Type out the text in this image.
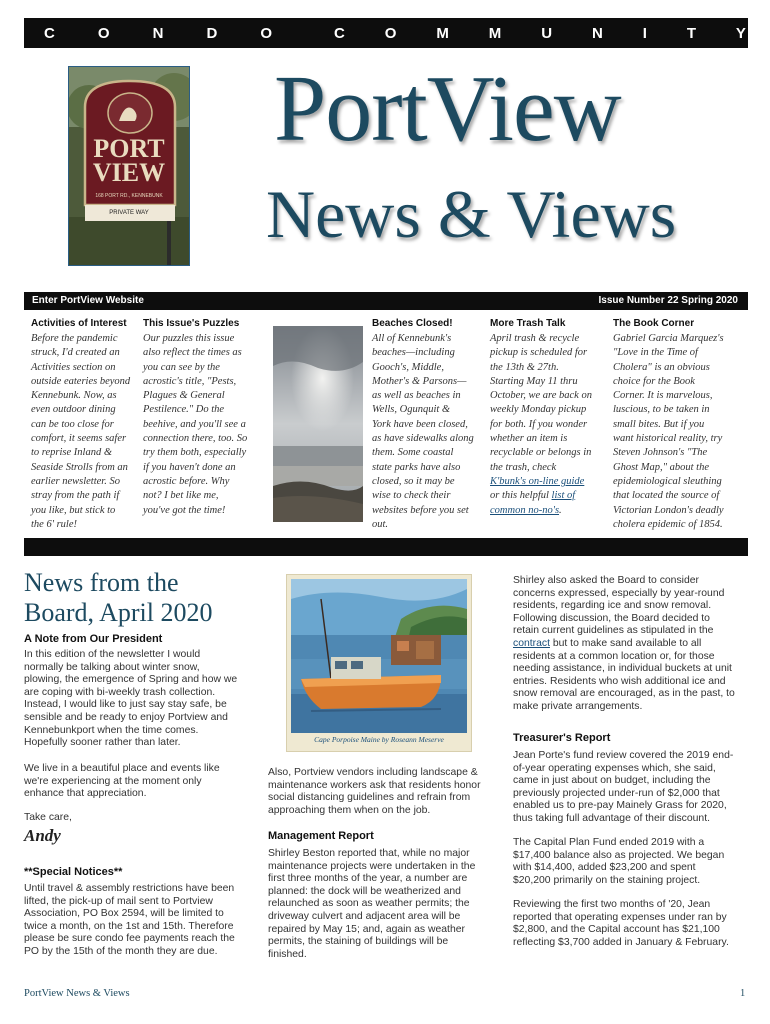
C	O	N	D	O	C	O	M	M	U	N	I	T	Y
PORT
VIEW
168 PORT RD., KENNEBUNK
PRIVATE WAY
PortView
News & Views
Enter PortView Website	Issue Number 22 Spring 2020
Activities of Interest
Before the pandemic
struck, I'd created an
Activities section on
outside eateries beyond
Kennebunk. Now, as
even outdoor dining
can be too close for
comfort, it seems safer
to reprise Inland &
Seaside Strolls from an
earlier newsletter. So
stray from the path if
you like, but stick to
the 6' rule!
This Issue's Puzzles
Our puzzles this issue
also reflect the times as
you can see by the
acrostic's title, "Pests,
Plagues & General
Pestilence." Do the
beehive, and you'll see a
connection there, too. So
try them both, especially
if you haven't done an
acrostic before. Why
not? I bet like me,
you've got the time!
Beaches Closed!
All of Kennebunk's
beaches—including
Gooch's, Middle,
Mother's & Parsons—
as well as beaches in
Wells, Ogunquit &
York have been closed,
as have sidewalks along
them. Some coastal
state parks have also
closed, so it may be
wise to check their
websites before you set
out.
More Trash Talk
April trash & recycle
pickup is scheduled for
the 13th & 27th.
Starting May 11 thru
October, we are back on
weekly Monday pickup
for both. If you wonder
whether an item is
recyclable or belongs in
the trash, check
K'bunk's on-line guide
or this helpful list of
common no-no's.
The Book Corner
Gabriel Garcia Marquez's
"Love in the Time of
Cholera" is an obvious
choice for the Book
Corner. It is marvelous,
luscious, to be taken in
small bites. But if you
want historical reality, try
Steven Johnson's "The
Ghost Map," about the
epidemiological sleuthing
that located the source of
Victorian London's deadly
cholera epidemic of 1854.
News from the
Board, April 2020
A Note from Our President
In this edition of the newsletter I would
normally be talking about winter snow,
plowing, the emergence of Spring and how we
are coping with bi-weekly trash collection.
Instead, I would like to just say stay safe, be
sensible and be ready to enjoy Portview and
Kennebunkport when the time comes.
Hopefully sooner rather than later.
We live in a beautiful place and events like
we're experiencing at the moment only
enhance that appreciation.
Take care,
Andy
**Special Notices**
Until travel & assembly restrictions have been
lifted, the pick-up of mail sent to Portview
Association, PO Box 2594, will be limited to
twice a month, on the 1st and 15th. Therefore
please be sure condo fee payments reach the
PO by the 15th of the month they are due.
Cape Porpoise Maine by Roseann Meserve
Also, Portview vendors including landscape &
maintenance workers ask that residents honor
social distancing guidelines and refrain from
approaching them when on the job.
Management Report
Shirley Beston reported that, while no major
maintenance projects were undertaken in the
first three months of the year, a number are
planned: the dock will be weatherized and
relaunched as soon as weather permits; the
driveway culvert and adjacent area will be
repaired by May 15; and, again as weather
permits, the staining of buildings will be
finished.
Shirley also asked the Board to consider
concerns expressed, especially by year-round
residents, regarding ice and snow removal.
Following discussion, the Board decided to
retain current guidelines as stipulated in the
contract but to make sand available to all
residents at a common location or, for those
needing assistance, in individual buckets at unit
entries. Residents who wish additional ice and
snow removal are encouraged, as in the past, to
make private arrangements.
Treasurer's Report
Jean Porte's fund review covered the 2019 end-
of-year operating expenses which, she said,
came in just about on budget, including the
previously projected under-run of $2,000 that
enabled us to pre-pay Mainely Grass for 2020,
thus taking full advantage of their discount.
The Capital Plan Fund ended 2019 with a
$17,400 balance also as projected. We began
with $14,400, added $23,200 and spent
$20,200 primarily on the staining project.
Reviewing the first two months of '20, Jean
reported that operating expenses under ran by
$2,800, and the Capital account has $21,100
reflecting $3,700 added in January & February.
PortView News & Views	1
